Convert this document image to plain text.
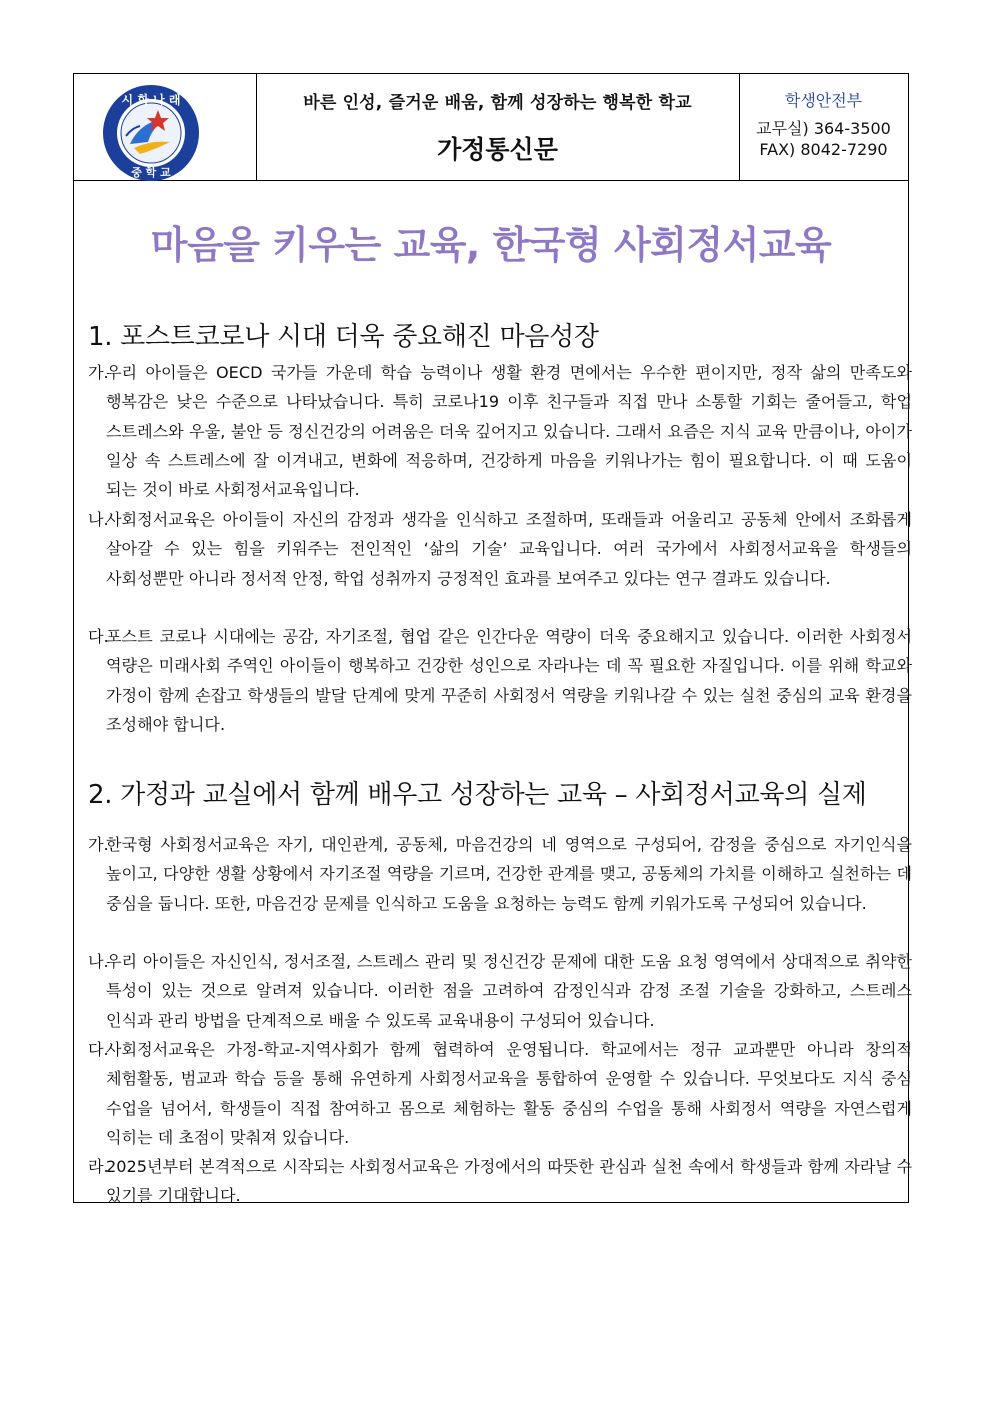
시 화 나 래
중 학 교
바른 인성, 즐거운 배움, 함께 성장하는 행복한 학교
가정통신문
학생안전부
교무실) 364-3500
FAX) 8042-7290
마음을 키우는 교육, 한국형 사회정서교육
1. 포스트코로나 시대 더욱 중요해진 마음성장
가.우리 아이들은 OECD 국가들 가운데 학습 능력이나 생활 환경 면에서는 우수한 편이지만, 정작 삶의 만족도와 행복감은 낮은 수준으로 나타났습니다. 특히 코로나19 이후 친구들과 직접 만나 소통할 기회는 줄어들고, 학업 스트레스와 우울, 불안 등 정신건강의 어려움은 더욱 깊어지고 있습니다. 그래서 요즘은 지식 교육 만큼이나, 아이가 일상 속 스트레스에 잘 이겨내고, 변화에 적응하며, 건강하게 마음을 키워나가는 힘이 필요합니다. 이 때 도움이 되는 것이 바로 사회정서교육입니다.
나.사회정서교육은 아이들이 자신의 감정과 생각을 인식하고 조절하며, 또래들과 어울리고 공동체 안에서 조화롭게 살아갈 수 있는 힘을 키워주는 전인적인 ‘삶의 기술’ 교육입니다. 여러 국가에서 사회정서교육을 학생들의 사회성뿐만 아니라 정서적 안정, 학업 성취까지 긍정적인 효과를 보여주고 있다는 연구 결과도 있습니다.
다.포스트 코로나 시대에는 공감, 자기조절, 협업 같은 인간다운 역량이 더욱 중요해지고 있습니다. 이러한 사회정서 역량은 미래사회 주역인 아이들이 행복하고 건강한 성인으로 자라나는 데 꼭 필요한 자질입니다. 이를 위해 학교와 가정이 함께 손잡고 학생들의 발달 단계에 맞게 꾸준히 사회정서 역량을 키워나갈 수 있는 실천 중심의 교육 환경을 조성해야 합니다.
2. 가정과 교실에서 함께 배우고 성장하는 교육 – 사회정서교육의 실제
가.한국형 사회정서교육은 자기, 대인관계, 공동체, 마음건강의 네 영역으로 구성되어, 감정을 중심으로 자기인식을 높이고, 다양한 생활 상황에서 자기조절 역량을 기르며, 건강한 관계를 맺고, 공동체의 가치를 이해하고 실천하는 데 중심을 둡니다. 또한, 마음건강 문제를 인식하고 도움을 요청하는 능력도 함께 키워가도록 구성되어 있습니다.
나.우리 아이들은 자신인식, 정서조절, 스트레스 관리 및 정신건강 문제에 대한 도움 요청 영역에서 상대적으로 취약한 특성이 있는 것으로 알려져 있습니다. 이러한 점을 고려하여 감정인식과 감정 조절 기술을 강화하고, 스트레스 인식과 관리 방법을 단계적으로 배울 수 있도록 교육내용이 구성되어 있습니다.
다.사회정서교육은 가정-학교-지역사회가 함께 협력하여 운영됩니다. 학교에서는 정규 교과뿐만 아니라 창의적 체험활동, 범교과 학습 등을 통해 유연하게 사회정서교육을 통합하여 운영할 수 있습니다. 무엇보다도 지식 중심 수업을 넘어서, 학생들이 직접 참여하고 몸으로 체험하는 활동 중심의 수업을 통해 사회정서 역량을 자연스럽게 익히는 데 초점이 맞춰져 있습니다.
라.2025년부터 본격적으로 시작되는 사회정서교육은 가정에서의 따뜻한 관심과 실천 속에서 학생들과 함께 자라날 수 있기를 기대합니다.
